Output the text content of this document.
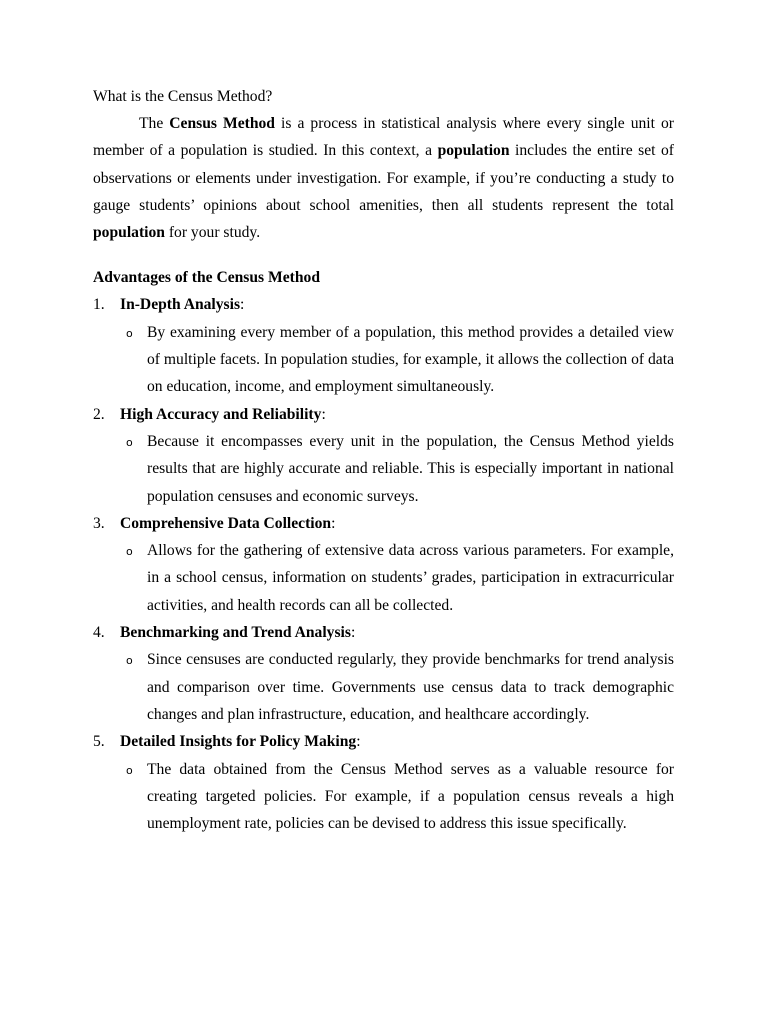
What is the Census Method?

The Census Method is a process in statistical analysis where every single unit or member of a population is studied. In this context, a population includes the entire set of observations or elements under investigation. For example, if you’re conducting a study to gauge students’ opinions about school amenities, then all students represent the total population for your study.

Advantages of the Census Method

1. In-Depth Analysis:
o By examining every member of a population, this method provides a detailed view of multiple facets. In population studies, for example, it allows the collection of data on education, income, and employment simultaneously.
2. High Accuracy and Reliability:
o Because it encompasses every unit in the population, the Census Method yields results that are highly accurate and reliable. This is especially important in national population censuses and economic surveys.
3. Comprehensive Data Collection:
o Allows for the gathering of extensive data across various parameters. For example, in a school census, information on students’ grades, participation in extracurricular activities, and health records can all be collected.
4. Benchmarking and Trend Analysis:
o Since censuses are conducted regularly, they provide benchmarks for trend analysis and comparison over time. Governments use census data to track demographic changes and plan infrastructure, education, and healthcare accordingly.
5. Detailed Insights for Policy Making:
o The data obtained from the Census Method serves as a valuable resource for creating targeted policies. For example, if a population census reveals a high unemployment rate, policies can be devised to address this issue specifically.
